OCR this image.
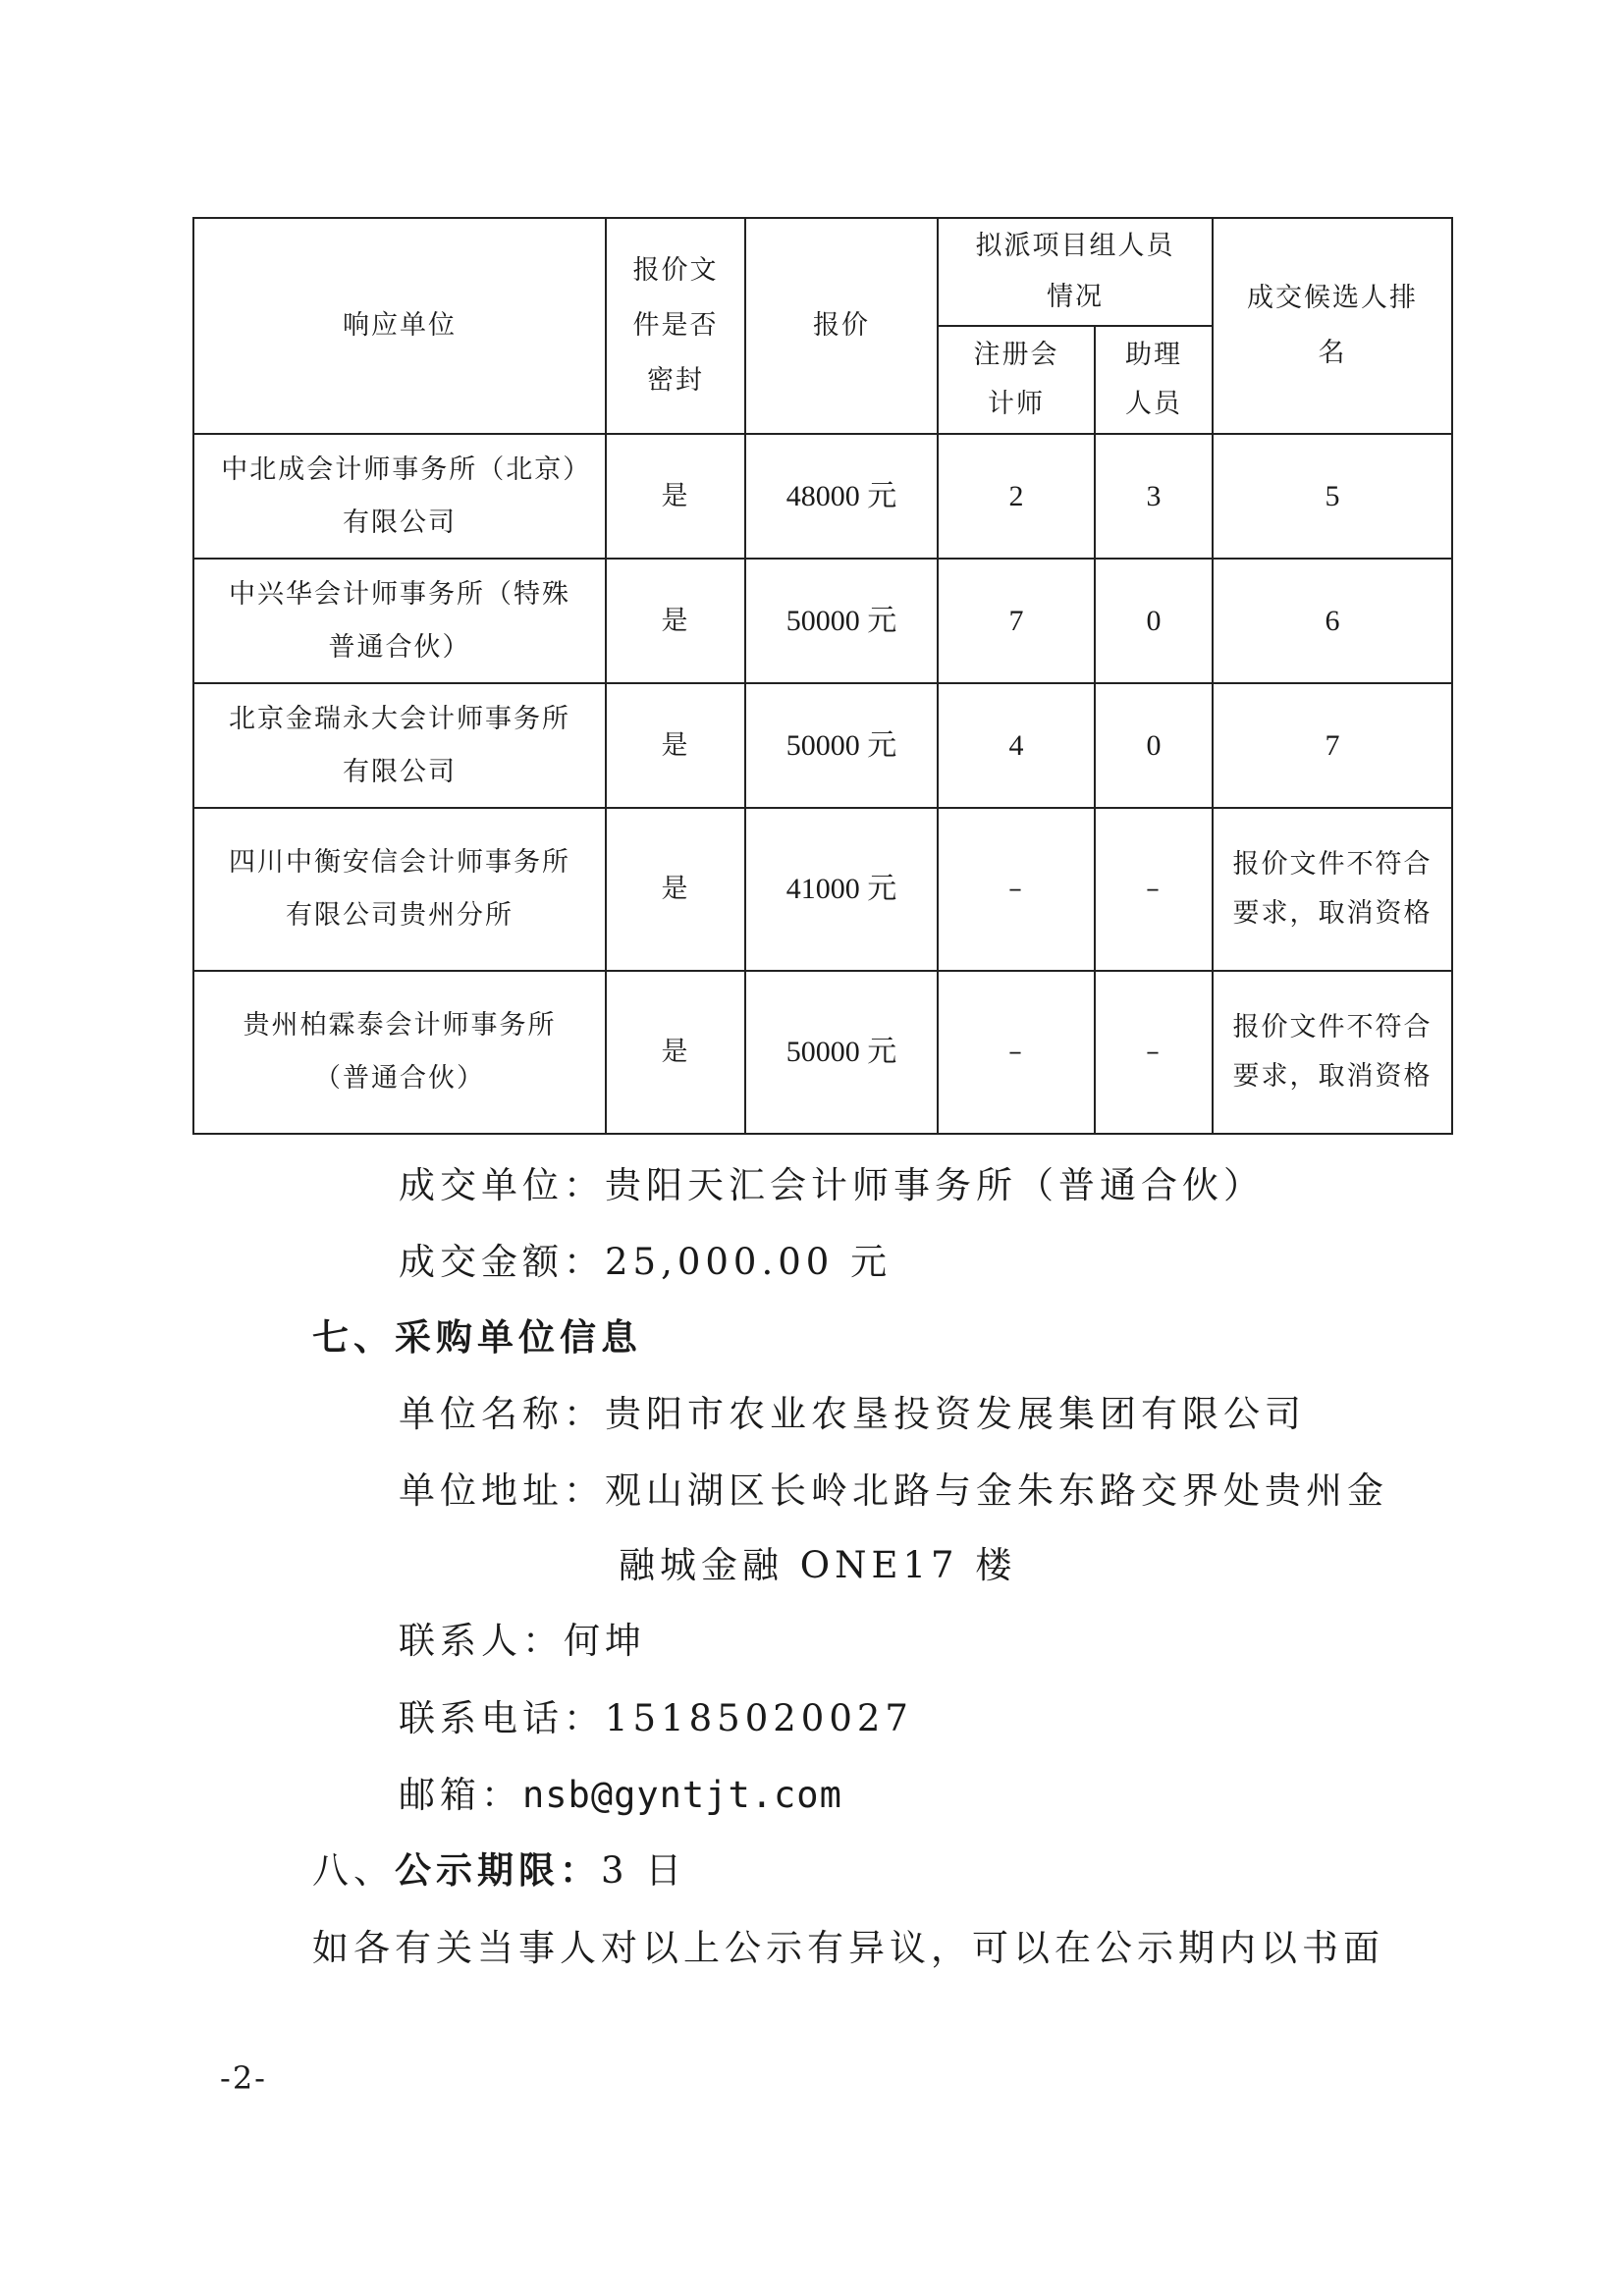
响应单位	报价文件是否密封	报价	拟派项目组人员情况		成交候选人排名

			注册会计师	助理人员	

中北成会计师事务所（北京）有限公司	是	48000 元	2	3	5

中兴华会计师事务所（特殊普通合伙）	是	50000 元	7	0	6

北京金瑞永大会计师事务所有限公司	是	50000 元	4	0	7

四川中衡安信会计师事务所有限公司贵州分所	是	41000 元	–	–	报价文件不符合要求，取消资格

贵州柏霖泰会计师事务所（普通合伙）	是	50000 元	–	–	报价文件不符合要求，取消资格
成交单位：贵阳天汇会计师事务所（普通合伙）
成交金额：25,000.00 元
七、采购单位信息
单位名称：贵阳市农业农垦投资发展集团有限公司
单位地址：观山湖区长岭北路与金朱东路交界处贵州金
融城金融 ONE17 楼
联系人：何坤
联系电话：15185020027
邮箱：nsb@gyntjt.com
八、公示期限：3 日
如各有关当事人对以上公示有异议，可以在公示期内以书面
-2-
